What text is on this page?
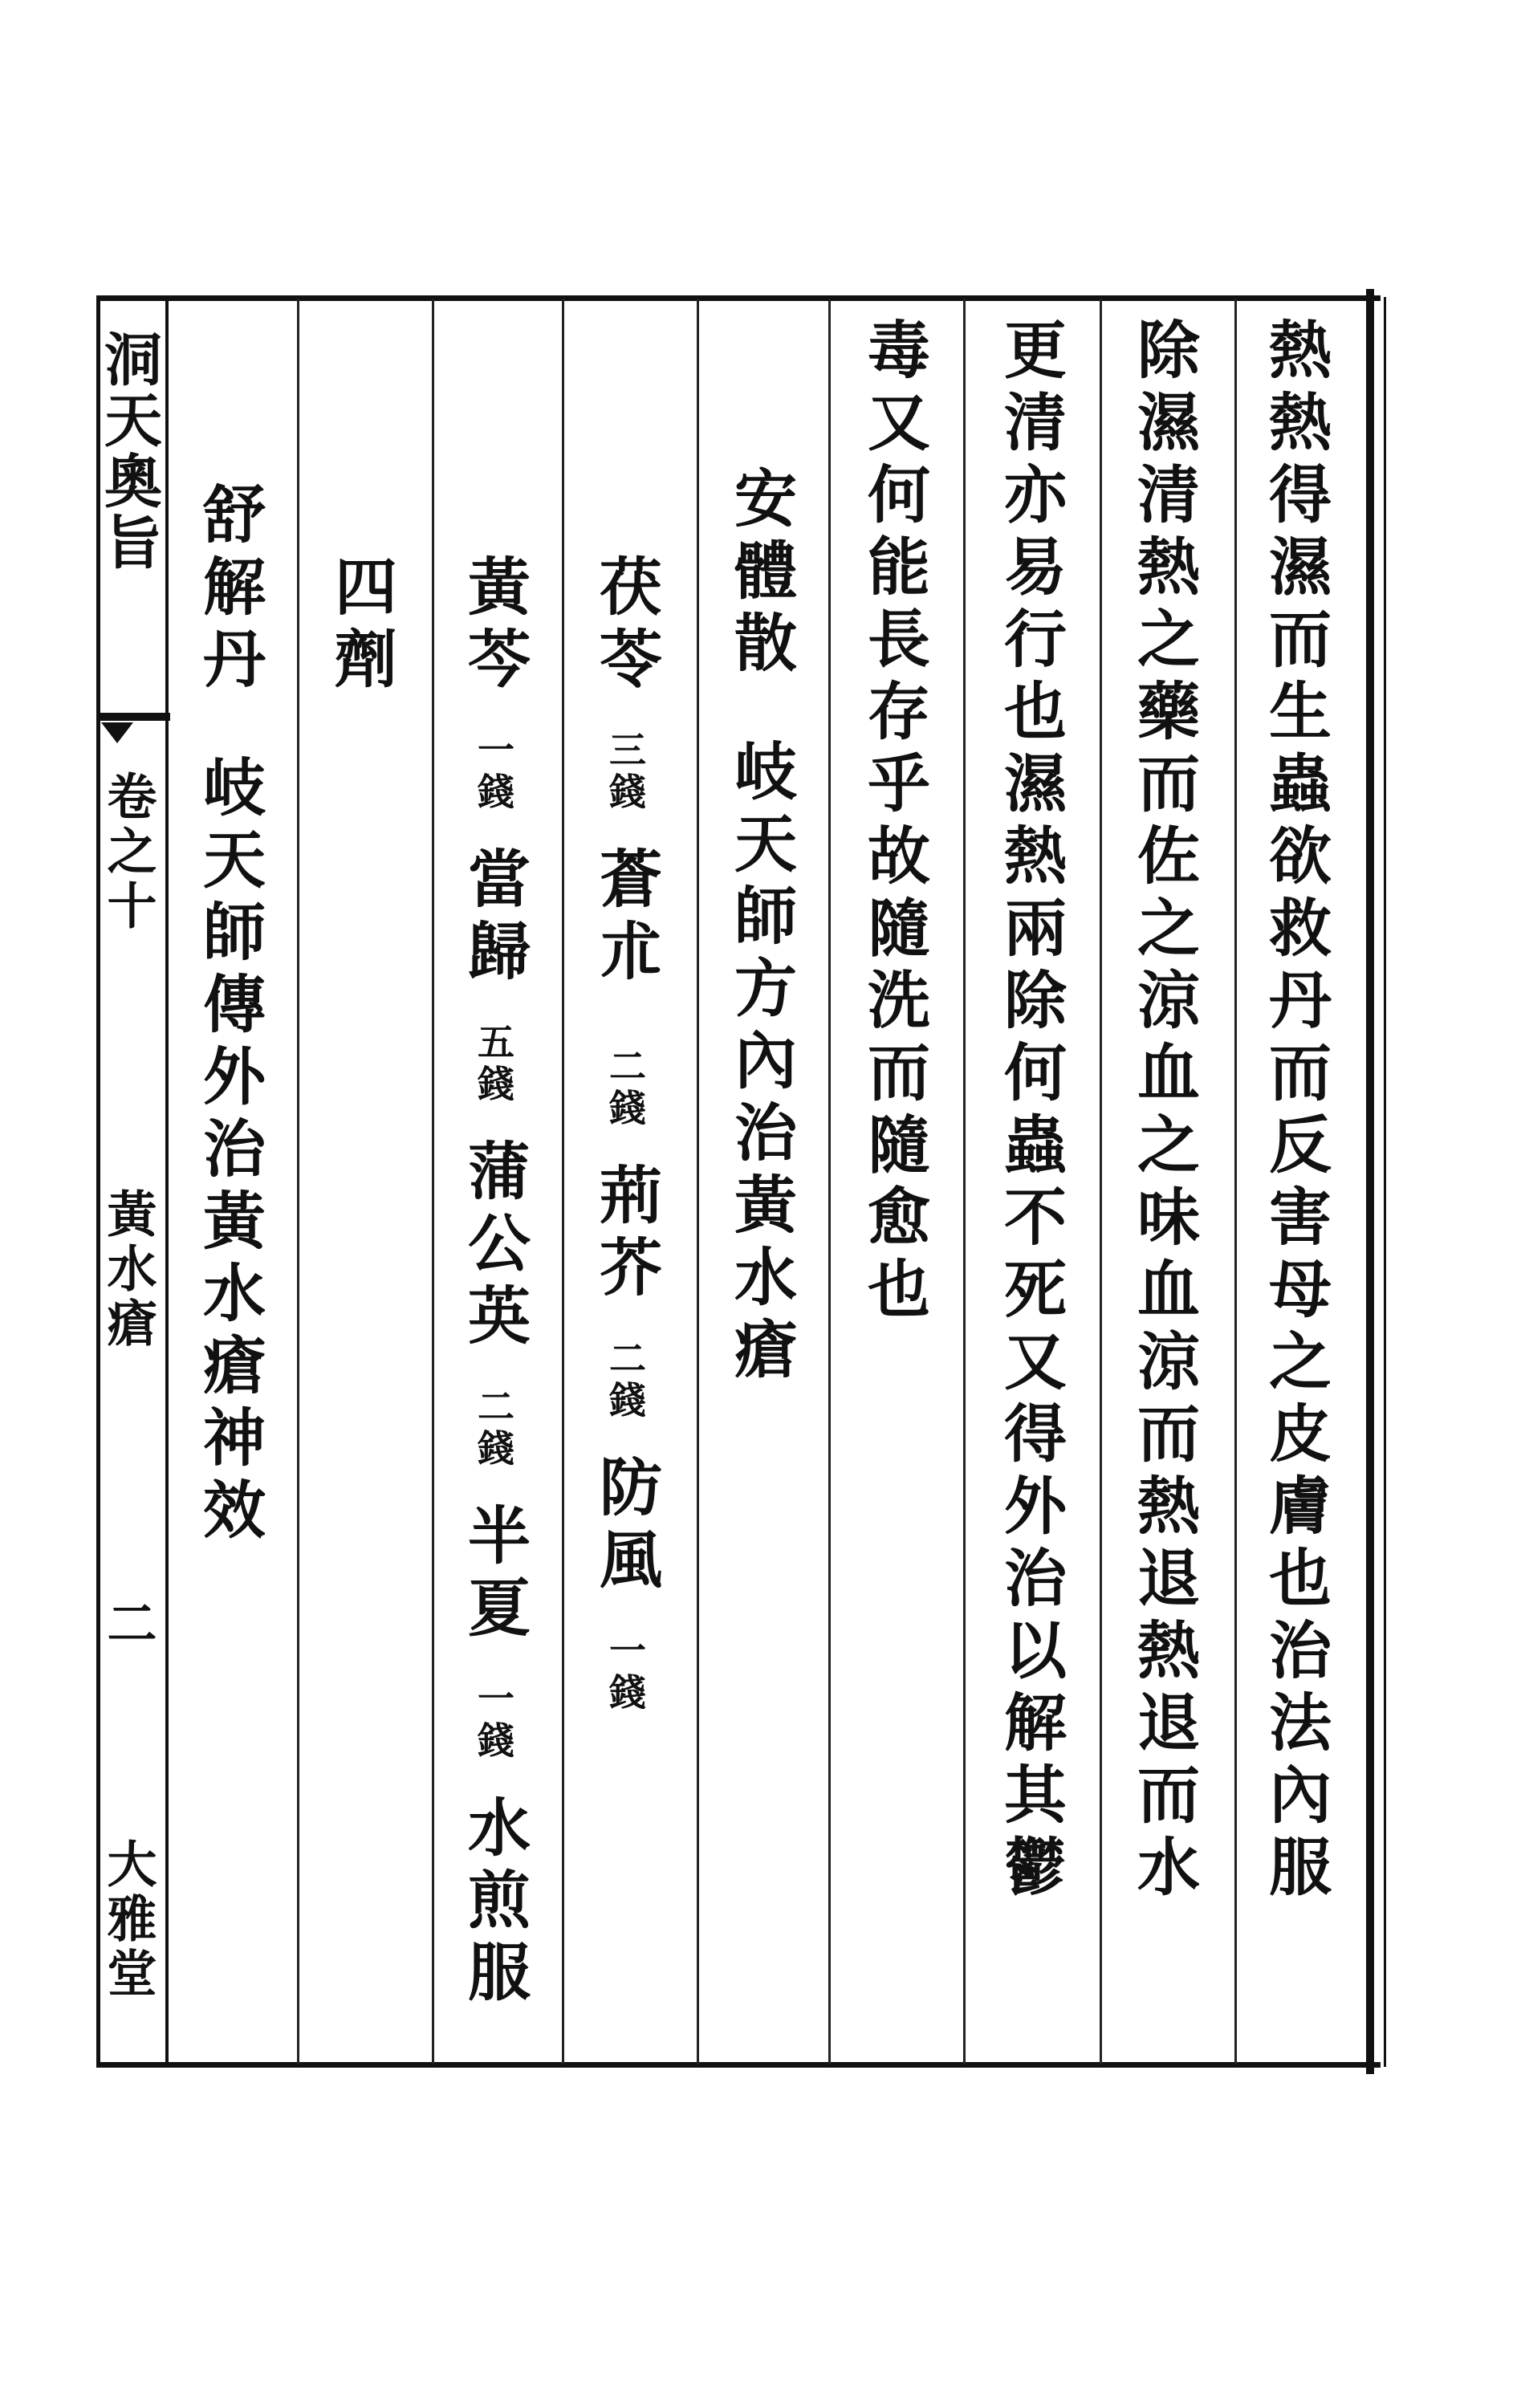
洞天奧旨
卷之十
黃水瘡
二
大雅堂
熱熱得濕而生蟲欲救丹而反害母之皮膚也治法內服
除濕清熱之藥而佐之涼血之味血涼而熱退熱退而水
更清亦易行也濕熱兩除何蟲不死又得外治以解其鬱
毒又何能長存乎故隨洗而隨愈也
安體散岐天師方內治黃水瘡
茯苓三錢蒼朮二錢荊芥二錢防風一錢
黃芩一錢當歸五錢蒲公英二錢半夏一錢水煎服
四劑
舒解丹岐天師傳外治黃水瘡神效
